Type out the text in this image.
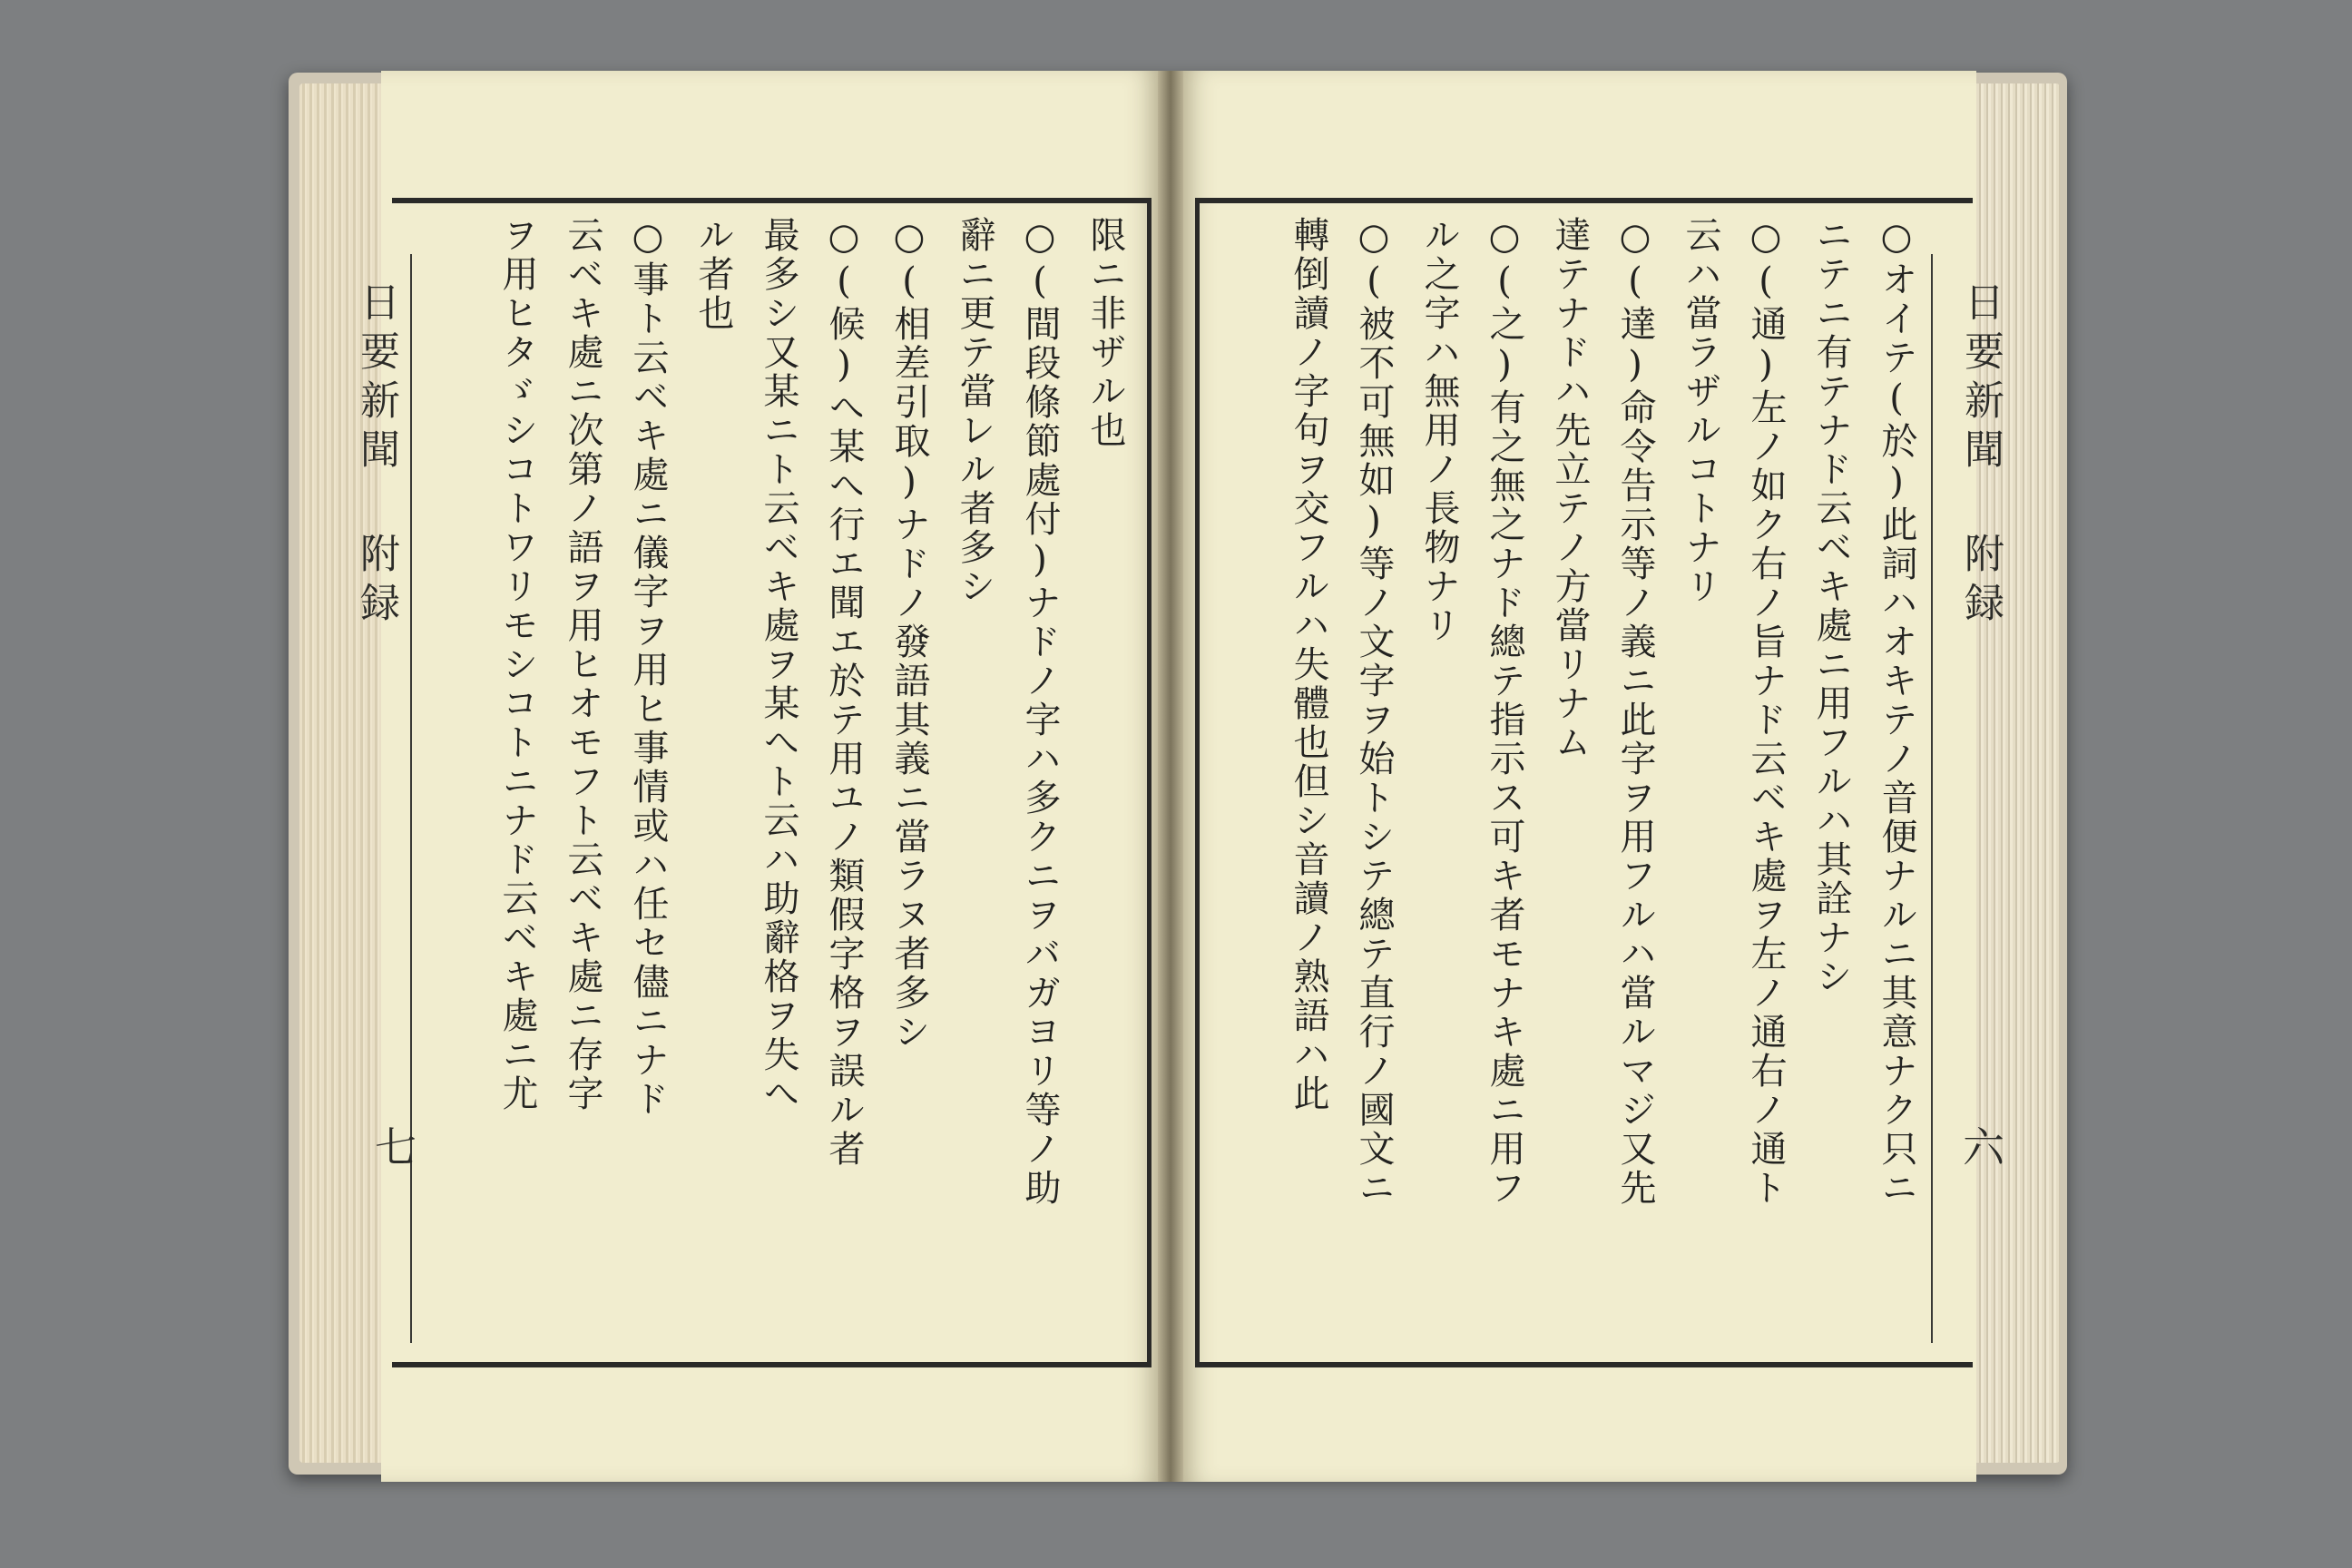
日要新聞 附録
七
限ニ非ザル也
○(間段條節處付)ナドノ字ハ多クニヲバガヨリ等ノ助
辭ニ更テ當レル者多シ
○(相差引取)ナドノ發語其義ニ當ラヌ者多シ
○(候)へ某へ行エ聞エ於テ用ユノ類假字格ヲ誤ル者
最多シ又某ニト云ベキ處ヲ某へト云ハ助辭格ヲ失へ
ル者也
○事ト云ベキ處ニ儀字ヲ用ヒ事情或ハ任セ儘ニナド
云ベキ處ニ次第ノ語ヲ用ヒオモフト云ベキ處ニ存字
ヲ用ヒタゞシコトワリモシコトニナド云ベキ處ニ尤	日要新聞 附録
六
○オイテ(於)此詞ハオキテノ音便ナルニ其意ナク只ニ
ニテニ有テナド云ベキ處ニ用フルハ其詮ナシ
○(通)左ノ如ク右ノ旨ナド云ベキ處ヲ左ノ通右ノ通ト
云ハ當ラザルコトナリ
○(達)命令告示等ノ義ニ此字ヲ用フルハ當ルマジ又先
達テナドハ先立テノ方當リナム
○(之)有之無之ナド總テ指示ス可キ者モナキ處ニ用フ
ル之字ハ無用ノ長物ナリ
○(被不可無如)等ノ文字ヲ始トシテ總テ直行ノ國文ニ
轉倒讀ノ字句ヲ交フルハ失體也但シ音讀ノ熟語ハ此
